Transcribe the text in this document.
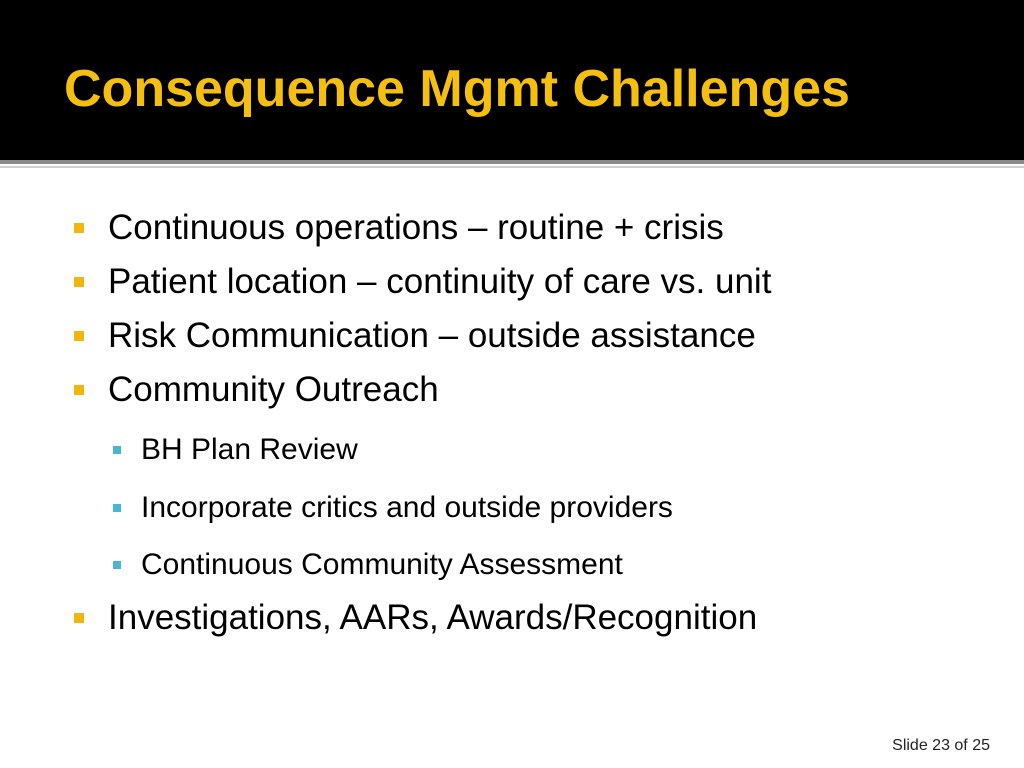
Consequence Mgmt Challenges
Continuous operations – routine + crisis
Patient location – continuity of care vs. unit
Risk Communication – outside assistance
Community Outreach
BH Plan Review
Incorporate critics and outside providers
Continuous Community Assessment
Investigations, AARs, Awards/Recognition
Slide 23 of 25
